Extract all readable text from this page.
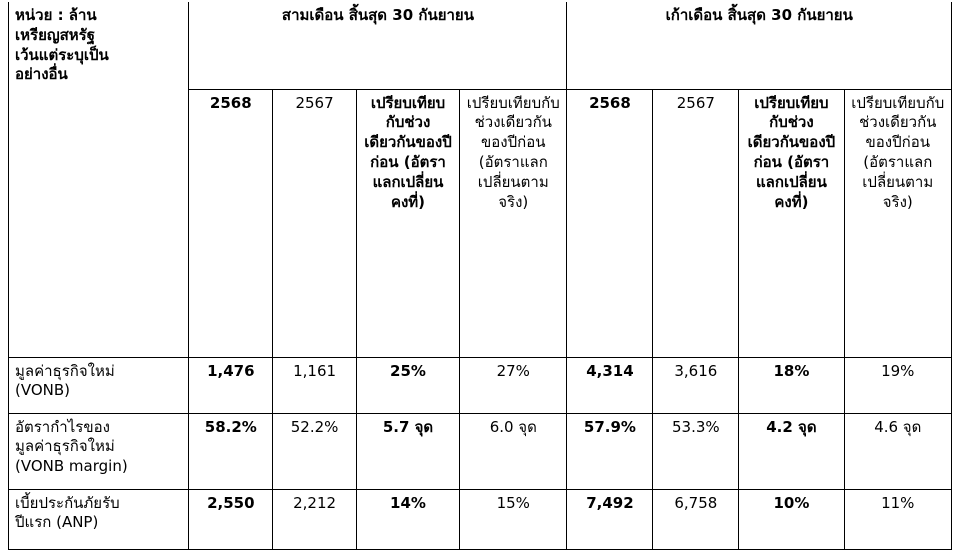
หน่วย : ล้าน
เหรียญสหรัฐ
เว้นแต่ระบุเป็น
อย่างอื่น	สามเดือน สิ้นสุด 30 กันยายน				เก้าเดือน สิ้นสุด 30 กันยายน			
	2568	2567	เปรียบเทียบกับช่วงเดียวกันของปีก่อน (อัตราแลกเปลี่ยนคงที่)	เปรียบเทียบกับช่วงเดียวกันของปีก่อน (อัตราแลกเปลี่ยนตามจริง)	2568	2567	เปรียบเทียบกับช่วงเดียวกันของปีก่อน (อัตราแลกเปลี่ยนคงที่)	เปรียบเทียบกับช่วงเดียวกันของปีก่อน (อัตราแลกเปลี่ยนตามจริง)

มูลค่าธุรกิจใหม่
(VONB)	1,476	1,161	25%	27%	4,314	3,616	18%	19%

อัตรากำไรของ
มูลค่าธุรกิจใหม่
(VONB margin)	58.2%	52.2%	5.7 จุด	6.0 จุด	57.9%	53.3%	4.2 จุด	4.6 จุด

เบี้ยประกันภัยรับ
ปีแรก (ANP)	2,550	2,212	14%	15%	7,492	6,758	10%	11%
